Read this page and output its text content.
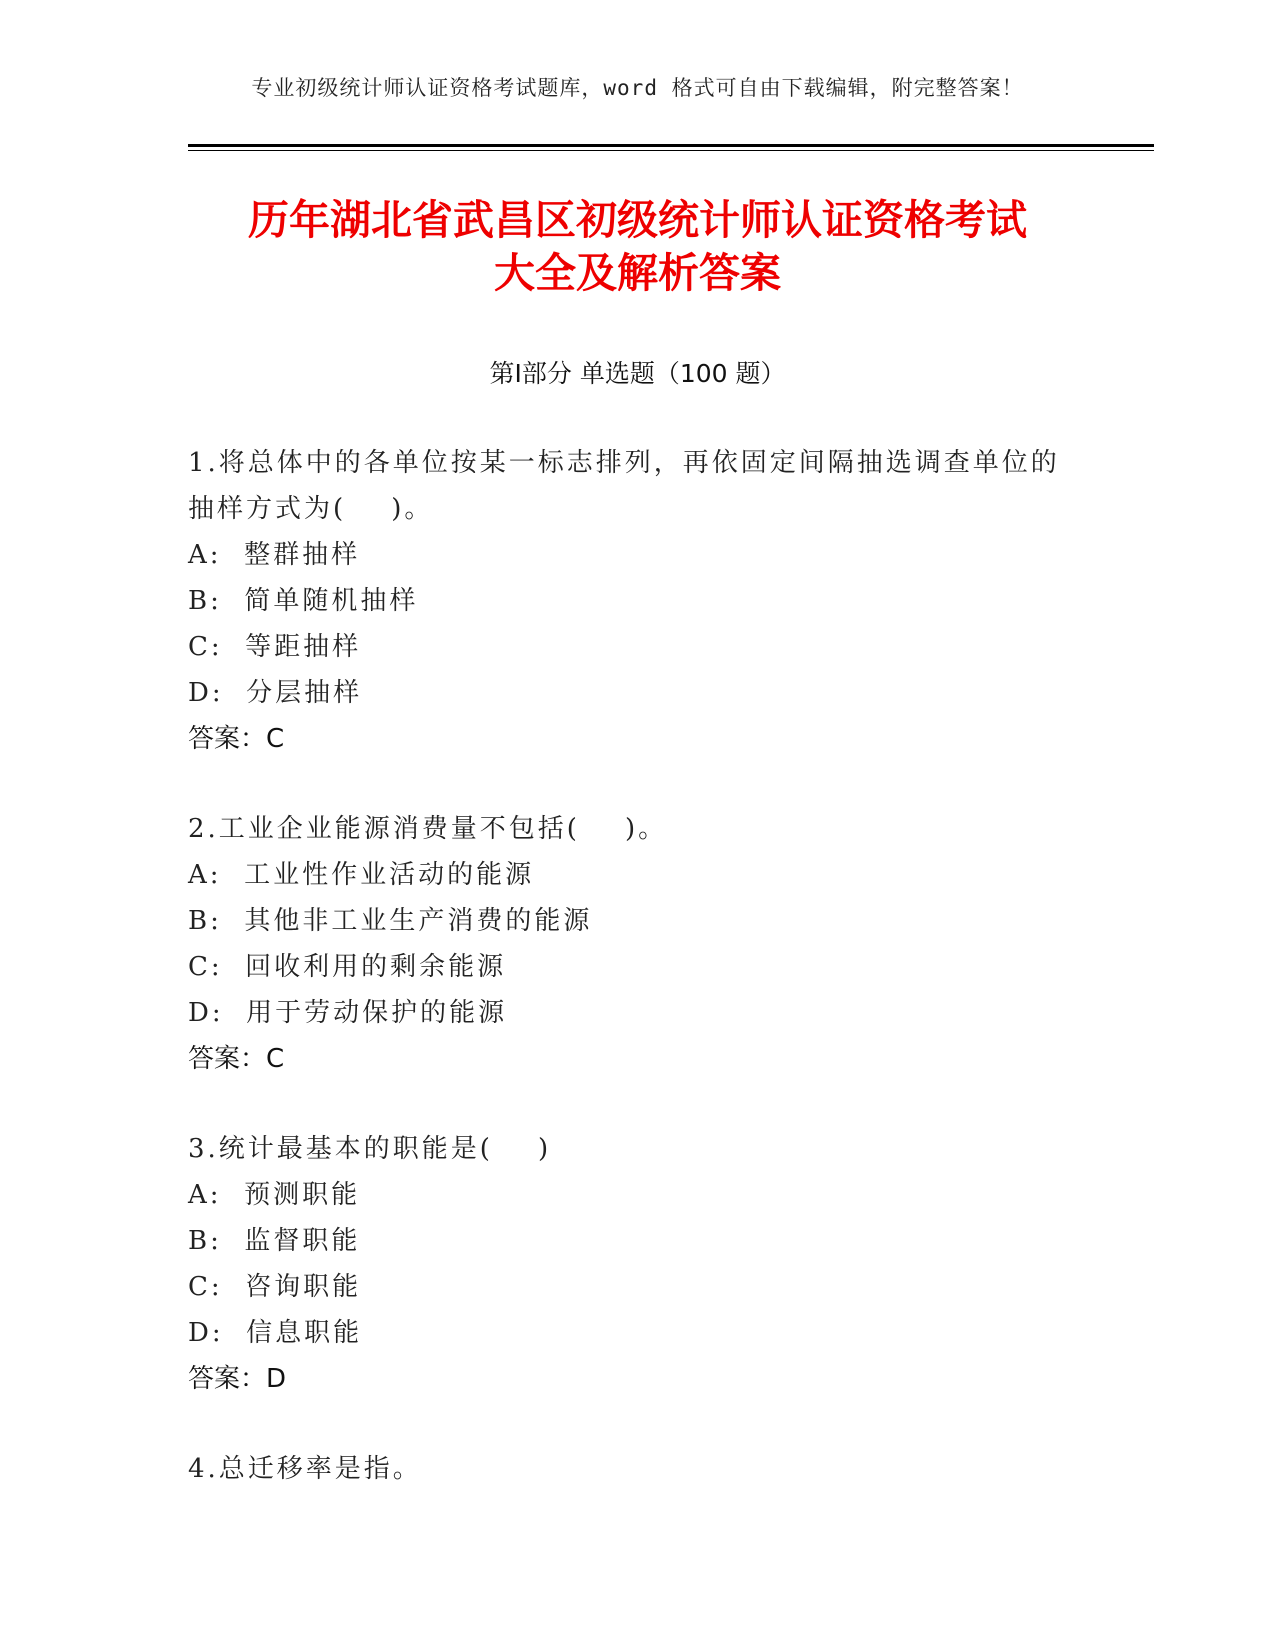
专业初级统计师认证资格考试题库，word 格式可自由下载编辑，附完整答案！
历年湖北省武昌区初级统计师认证资格考试
大全及解析答案
第Ⅰ部分 单选题（100 题）
1.将总体中的各单位按某一标志排列，再依固定间隔抽选调查单位的
抽样方式为(    )。
A:  整群抽样
B:  简单随机抽样
C:  等距抽样
D:  分层抽样
答案：C
2.工业企业能源消费量不包括(    )。
A:  工业性作业活动的能源
B:  其他非工业生产消费的能源
C:  回收利用的剩余能源
D:  用于劳动保护的能源
答案：C
3.统计最基本的职能是(    )
A:  预测职能
B:  监督职能
C:  咨询职能
D:  信息职能
答案：D
4.总迁移率是指。
